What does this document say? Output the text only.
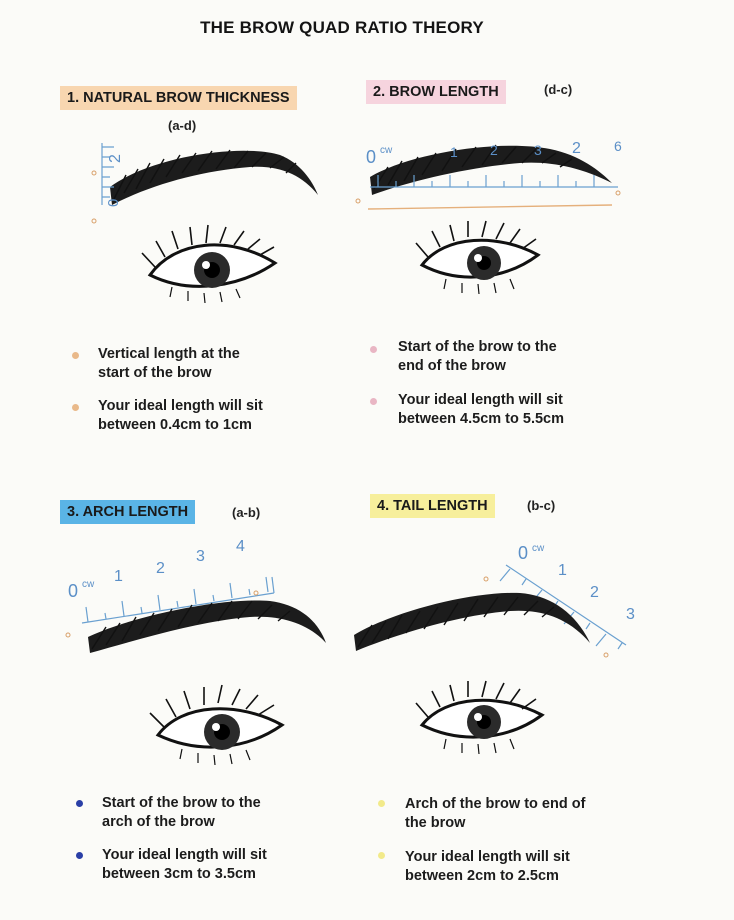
THE BROW QUAD RATIO THEORY
1. NATURAL BROW THICKNESS
(a-d)
2
0
Vertical length at the start of the brow
Your ideal length will sit between 0.4cm to 1cm
2. BROW LENGTH	(d-c)
0 cw	1 2	3 2 6
Start of the brow to the end of the brow
Your ideal length will sit between 4.5cm to 5.5cm
3. ARCH LENGTH	(a-b)
0 cw 1 2
3
4
Start of the brow to the arch of the brow
Your ideal length will sit between 3cm to 3.5cm
4. TAIL LENGTH	(b-c)
0 cw
1
2
3
Arch of the brow to end of the brow
Your ideal length will sit between 2cm to 2.5cm
